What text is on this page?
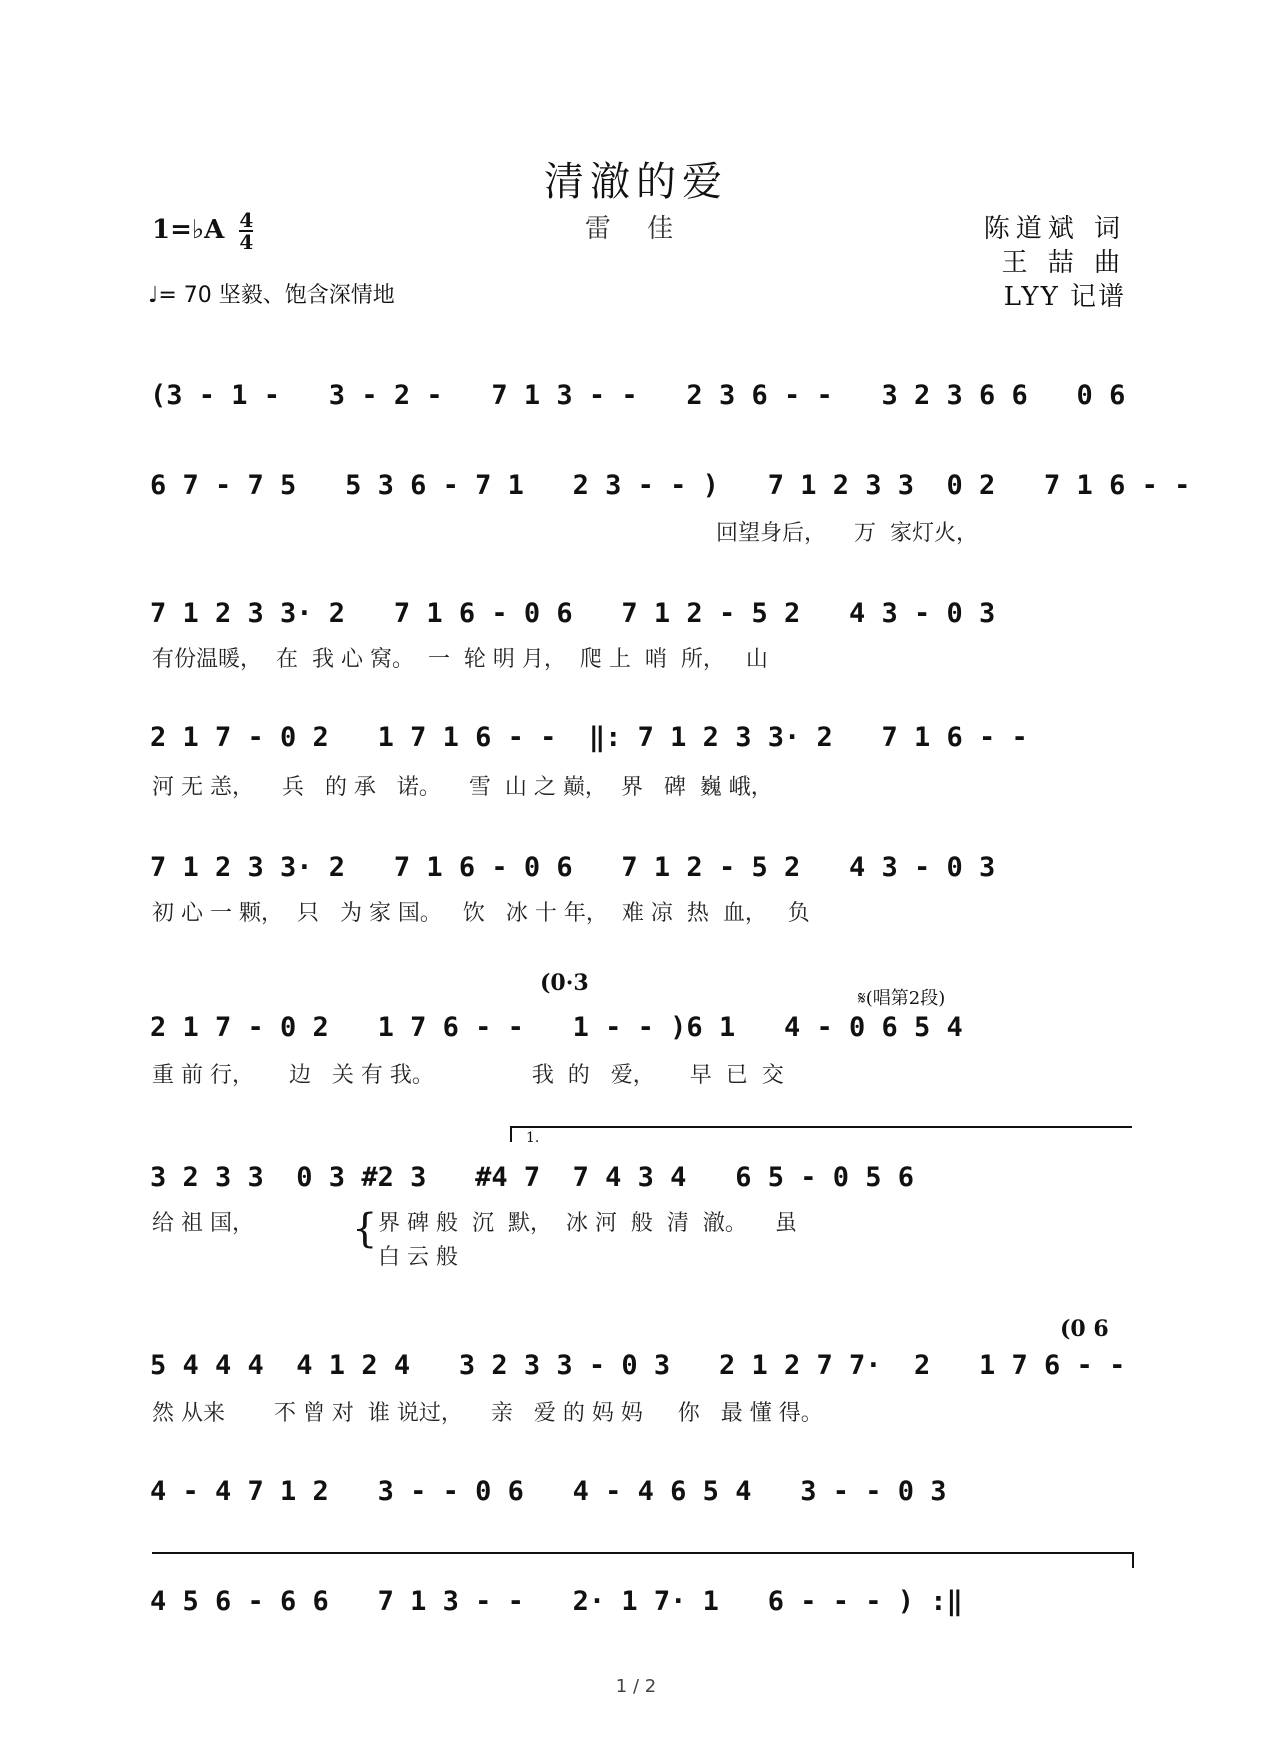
清澈的爱
雷 佳	陈道斌 词
王 喆 曲
LYY 记谱
1=♭A $\frac{4}{4}$
♩= 70 坚毅、饱含深情地
(3 - 1 -   3 - 2 -   7 1 3 - -   2 3 6 - -   3 2 3 6 6   0 6
6 7 - 7 5   5 3 6 - 7 1   2 3 - - )   7 1 2 3 3  0 2   7 1 6 - -
回望身后，    万  家灯火，
7 1 2 3 3· 2   7 1 6 - 0 6   7 1 2 - 5 2   4 3 - 0 3
有份温暖，  在  我 心 窝。  一  轮 明 月，  爬 上  哨  所，   山
2 1 7 - 0 2   1 7 1 6 - -  ‖: 7 1 2 3 3· 2   7 1 6 - -
河 无 恙，    兵   的 承   诺。    雪  山 之 巅，  界   碑  巍 峨，
7 1 2 3 3· 2   7 1 6 - 0 6   7 1 2 - 5 2   4 3 - 0 3
初 心 一 颗，  只   为 家 国。   饮   冰 十 年，  难 凉  热  血，   负
(0·3
𝄋(唱第2段)
2 1 7 - 0 2   1 7 6 - -   1 - - )6 1   4 - 0 6 5 4
重 前 行，     边   关 有 我。              我  的   爱，     早  已  交
1.
3 2 3 3  0 3 #2 3   #4 7  7 4 3 4   6 5 - 0 5 6
给 祖 国，	{ 界 碑 般  沉  默，  冰 河  般  清  澈。    虽
白 云 般
(0 6
5 4 4 4  4 1 2 4   3 2 3 3 - 0 3   2 1 2 7 7·  2   1 7 6 - -
然 从来       不 曾 对  谁 说过，    亲   爱 的 妈 妈     你   最 懂 得。
4 - 4 7 1 2   3 - - 0 6   4 - 4 6 5 4   3 - - 0 3
4 5 6 - 6 6   7 1 3 - -   2· 1 7· 1   6 - - - ) :‖
1 / 2
